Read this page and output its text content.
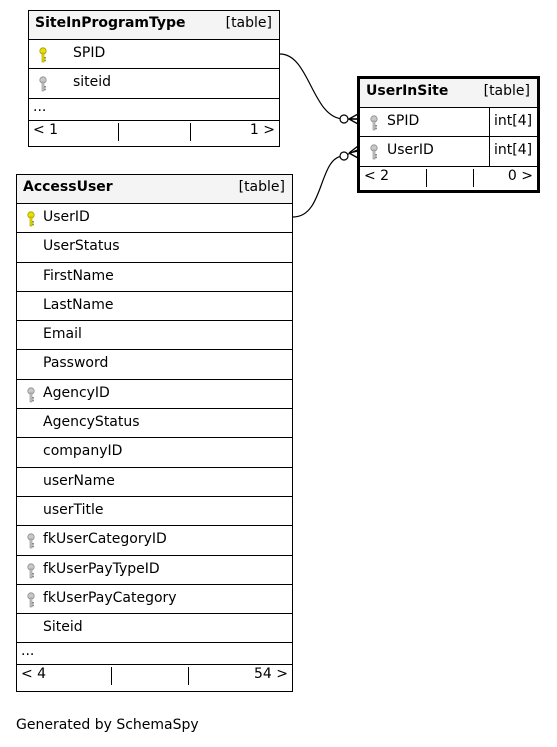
SiteInProgramType	[table]
SPID
siteid
...
< 1	1 >
UserInSite	[table]
SPID	int[4]
UserID	int[4]
< 2	0 >
AccessUser	[table]
UserID
UserStatus
FirstName
LastName
Email
Password
AgencyID
AgencyStatus
companyID
userName
userTitle
fkUserCategoryID
fkUserPayTypeID
fkUserPayCategory
Siteid
...
< 4	54 >
Generated by SchemaSpy
